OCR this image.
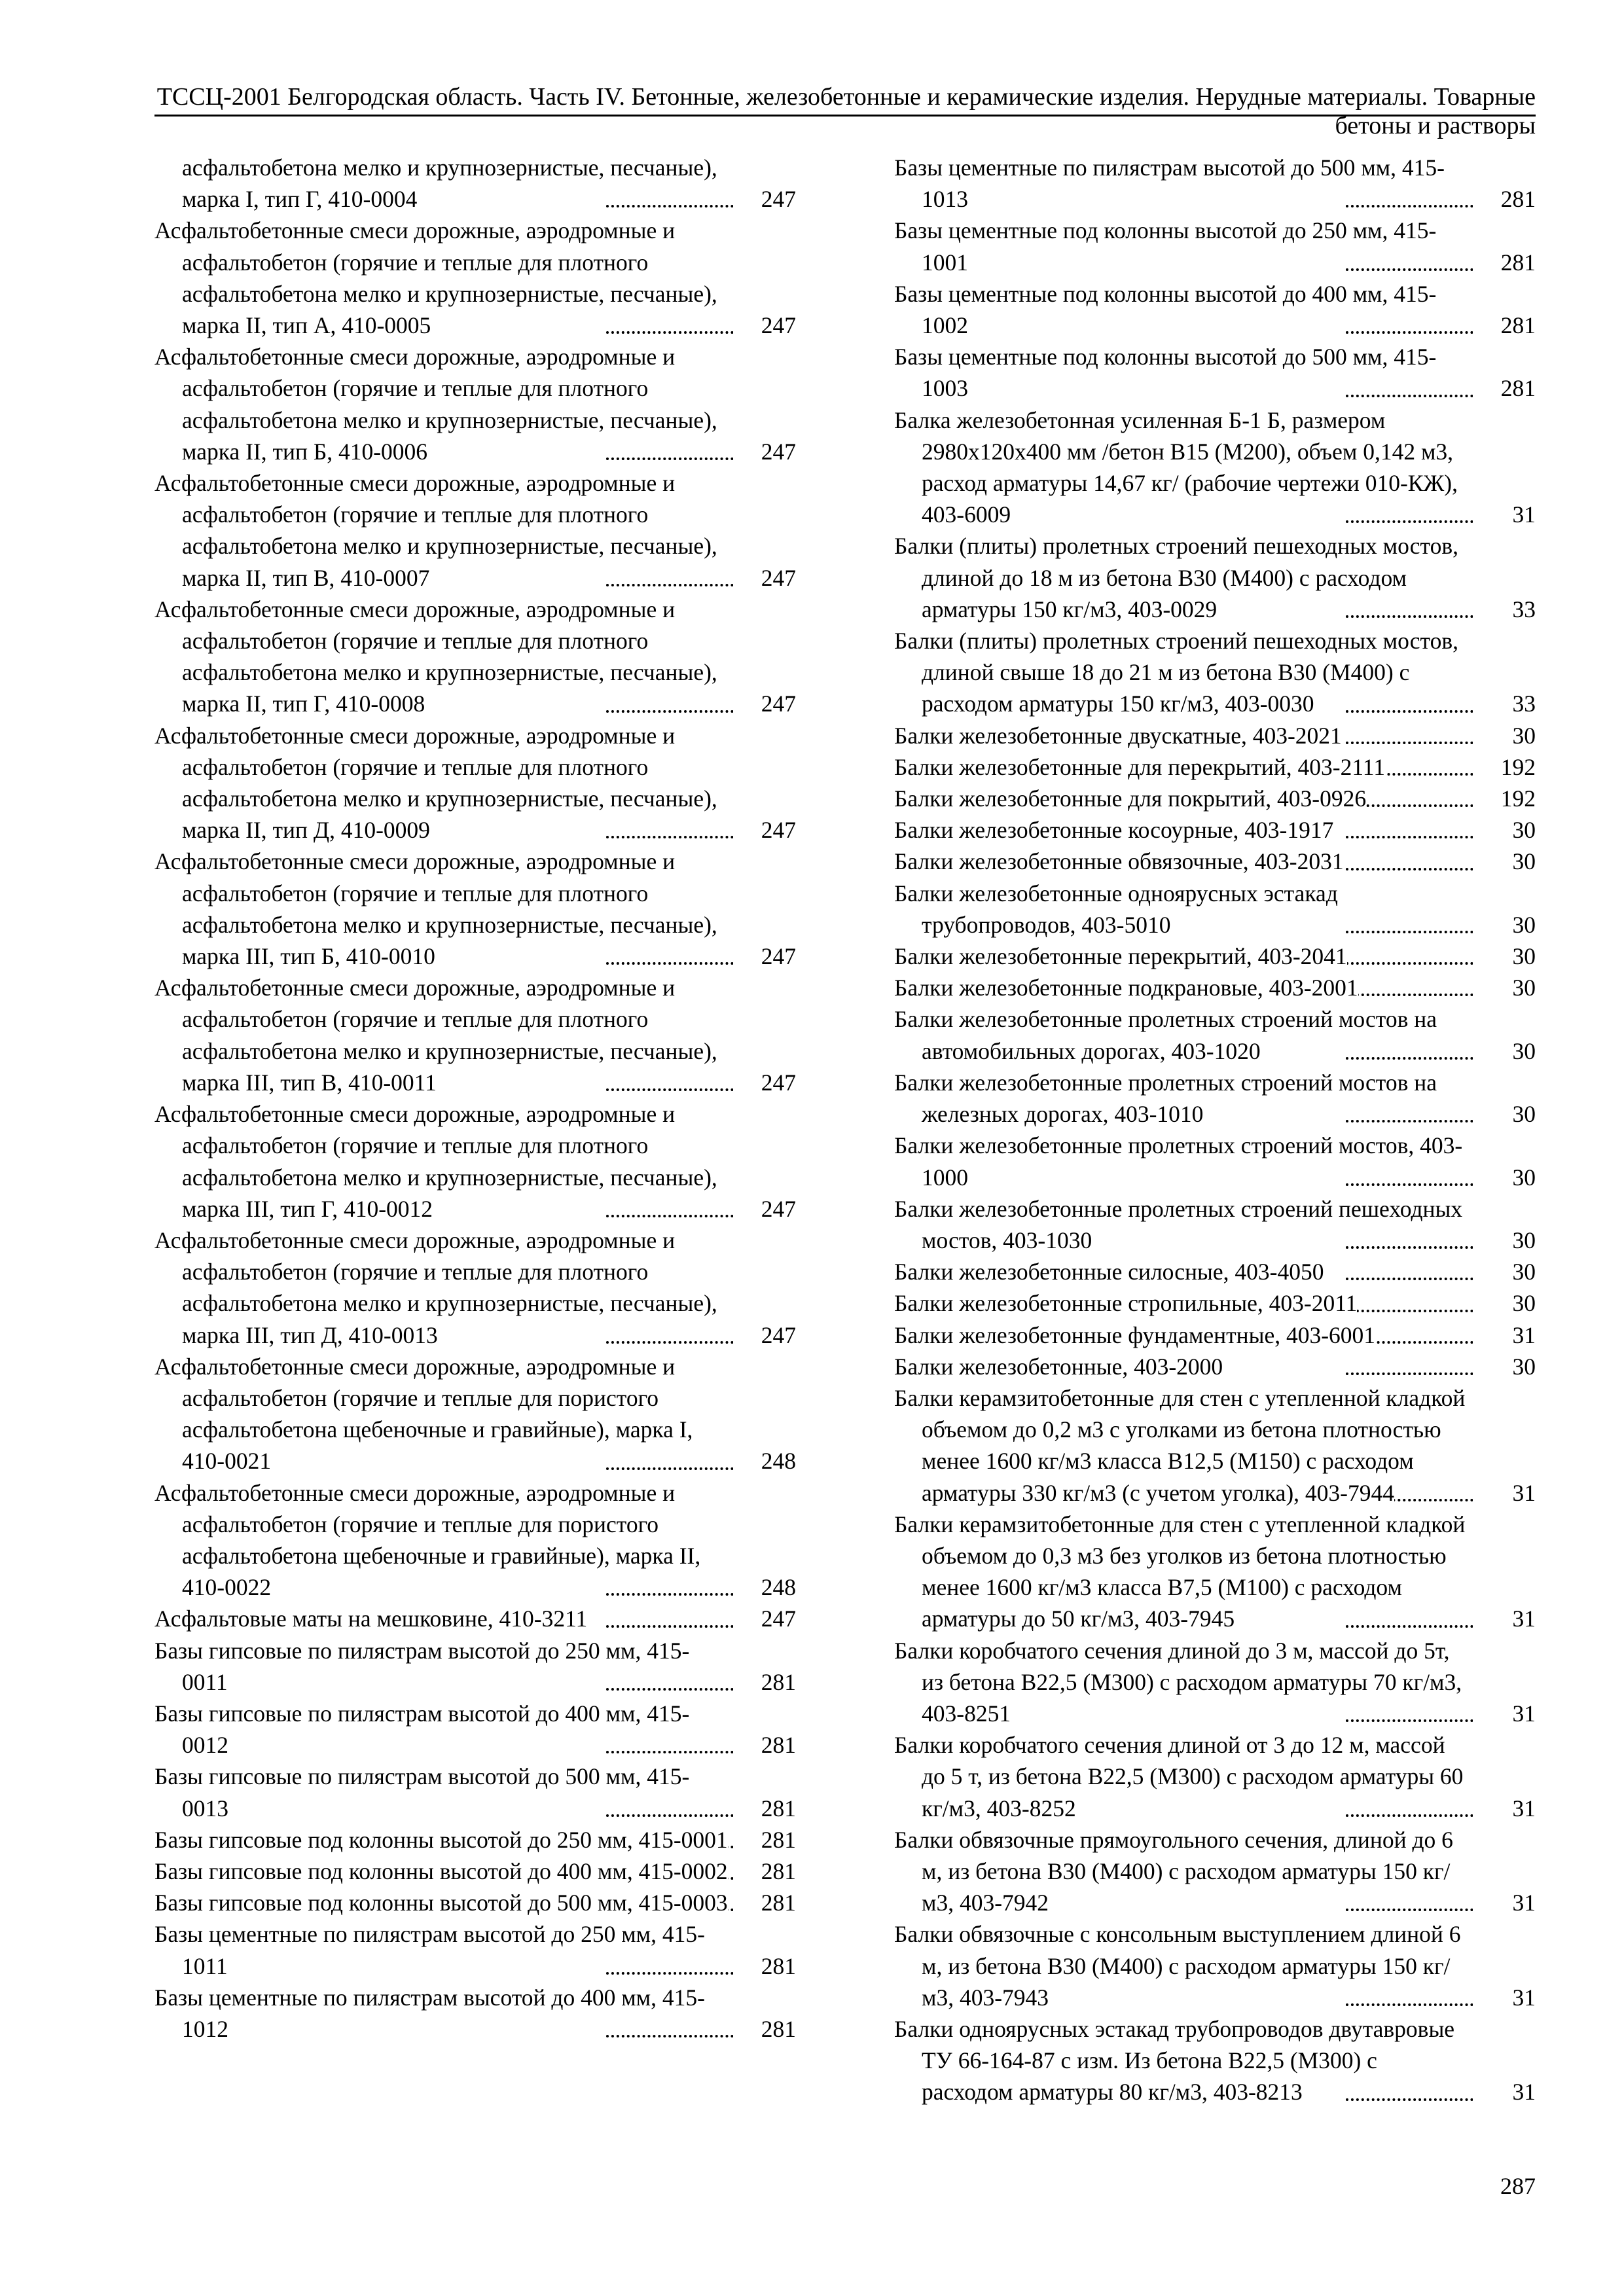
ТССЦ-2001 Белгородская область. Часть IV. Бетонные, железобетонные и керамические изделия. Нерудные материалы. Товарные бетоны и растворы
асфальтобетона мелко и крупнозернистые, песчаные), марка I, тип Г, 410-0004	247
Асфальтобетонные смеси дорожные, аэродромные и асфальтобетон (горячие и теплые для плотного асфальтобетона мелко и крупнозернистые, песчаные), марка II, тип А, 410-0005	247
Асфальтобетонные смеси дорожные, аэродромные и асфальтобетон (горячие и теплые для плотного асфальтобетона мелко и крупнозернистые, песчаные), марка II, тип Б, 410-0006	247
Асфальтобетонные смеси дорожные, аэродромные и асфальтобетон (горячие и теплые для плотного асфальтобетона мелко и крупнозернистые, песчаные), марка II, тип В, 410-0007	247
Асфальтобетонные смеси дорожные, аэродромные и асфальтобетон (горячие и теплые для плотного асфальтобетона мелко и крупнозернистые, песчаные), марка II, тип Г, 410-0008	247
Асфальтобетонные смеси дорожные, аэродромные и асфальтобетон (горячие и теплые для плотного асфальтобетона мелко и крупнозернистые, песчаные), марка II, тип Д, 410-0009	247
Асфальтобетонные смеси дорожные, аэродромные и асфальтобетон (горячие и теплые для плотного асфальтобетона мелко и крупнозернистые, песчаные), марка III, тип Б, 410-0010	247
Асфальтобетонные смеси дорожные, аэродромные и асфальтобетон (горячие и теплые для плотного асфальтобетона мелко и крупнозернистые, песчаные), марка III, тип В, 410-0011	247
Асфальтобетонные смеси дорожные, аэродромные и асфальтобетон (горячие и теплые для плотного асфальтобетона мелко и крупнозернистые, песчаные), марка III, тип Г, 410-0012	247
Асфальтобетонные смеси дорожные, аэродромные и асфальтобетон (горячие и теплые для плотного асфальтобетона мелко и крупнозернистые, песчаные), марка III, тип Д, 410-0013	247
Асфальтобетонные смеси дорожные, аэродромные и асфальтобетон (горячие и теплые для пористого асфальтобетона щебеночные и гравийные), марка I, 410-0021	248
Асфальтобетонные смеси дорожные, аэродромные и асфальтобетон (горячие и теплые для пористого асфальтобетона щебеночные и гравийные), марка II, 410-0022	248
Асфальтовые маты на мешковине, 410-3211	247
Базы гипсовые по пилястрам высотой до 250 мм, 415-0011	281
Базы гипсовые по пилястрам высотой до 400 мм, 415-0012	281
Базы гипсовые по пилястрам высотой до 500 мм, 415-0013	281
Базы гипсовые под колонны высотой до 250 мм, 415-0001	281
Базы гипсовые под колонны высотой до 400 мм, 415-0002	281
Базы гипсовые под колонны высотой до 500 мм, 415-0003	281
Базы цементные по пилястрам высотой до 250 мм, 415-1011	281
Базы цементные по пилястрам высотой до 400 мм, 415-1012	281
Базы цементные по пилястрам высотой до 500 мм, 415-1013	281
Базы цементные под колонны высотой до 250 мм, 415-1001	281
Базы цементные под колонны высотой до 400 мм, 415-1002	281
Базы цементные под колонны высотой до 500 мм, 415-1003	281
Балка железобетонная усиленная Б-1 Б, размером 2980х120х400 мм /бетон В15 (М200), объем 0,142 м3, расход арматуры 14,67 кг/ (рабочие чертежи 010-КЖ), 403-6009	31
Балки (плиты) пролетных строений пешеходных мостов, длиной до 18 м из бетона В30 (М400) с расходом арматуры 150 кг/м3, 403-0029	33
Балки (плиты) пролетных строений пешеходных мостов, длиной свыше 18 до 21 м из бетона В30 (М400) с расходом арматуры 150 кг/м3, 403-0030	33
Балки железобетонные двускатные, 403-2021	30
Балки железобетонные для перекрытий, 403-2111	192
Балки железобетонные для покрытий, 403-0926	192
Балки железобетонные косоурные, 403-1917	30
Балки железобетонные обвязочные, 403-2031	30
Балки железобетонные одноярусных эстакад трубопроводов, 403-5010	30
Балки железобетонные перекрытий, 403-2041	30
Балки железобетонные подкрановые, 403-2001	30
Балки железобетонные пролетных строений мостов на автомобильных дорогах, 403-1020	30
Балки железобетонные пролетных строений мостов на железных дорогах, 403-1010	30
Балки железобетонные пролетных строений мостов, 403-1000	30
Балки железобетонные пролетных строений пешеходных мостов, 403-1030	30
Балки железобетонные силосные, 403-4050	30
Балки железобетонные стропильные, 403-2011	30
Балки железобетонные фундаментные, 403-6001	31
Балки железобетонные, 403-2000	30
Балки керамзитобетонные для стен с утепленной кладкой объемом до 0,2 м3 с уголками из бетона плотностью менее 1600 кг/м3 класса В12,5 (М150) с расходом арматуры 330 кг/м3 (с учетом уголка), 403-7944	31
Балки керамзитобетонные для стен с утепленной кладкой объемом до 0,3 м3 без уголков из бетона плотностью менее 1600 кг/м3 класса В7,5 (М100) с расходом арматуры до 50 кг/м3, 403-7945	31
Балки коробчатого сечения длиной до 3 м, массой до 5т, из бетона В22,5 (М300) с расходом арматуры 70 кг/м3, 403-8251	31
Балки коробчатого сечения длиной от 3 до 12 м, массой до 5 т, из бетона В22,5 (М300) с расходом арматуры 60 кг/м3, 403-8252	31
Балки обвязочные прямоугольного сечения, длиной до 6 м, из бетона В30 (М400) с расходом арматуры 150 кг/м3, 403-7942	31
Балки обвязочные с консольным выступлением длиной 6 м, из бетона В30 (М400) с расходом арматуры 150 кг/м3, 403-7943	31
Балки одноярусных эстакад трубопроводов двутавровые ТУ 66-164-87 с изм. Из бетона В22,5 (М300) с расходом арматуры 80 кг/м3, 403-8213	31
287
